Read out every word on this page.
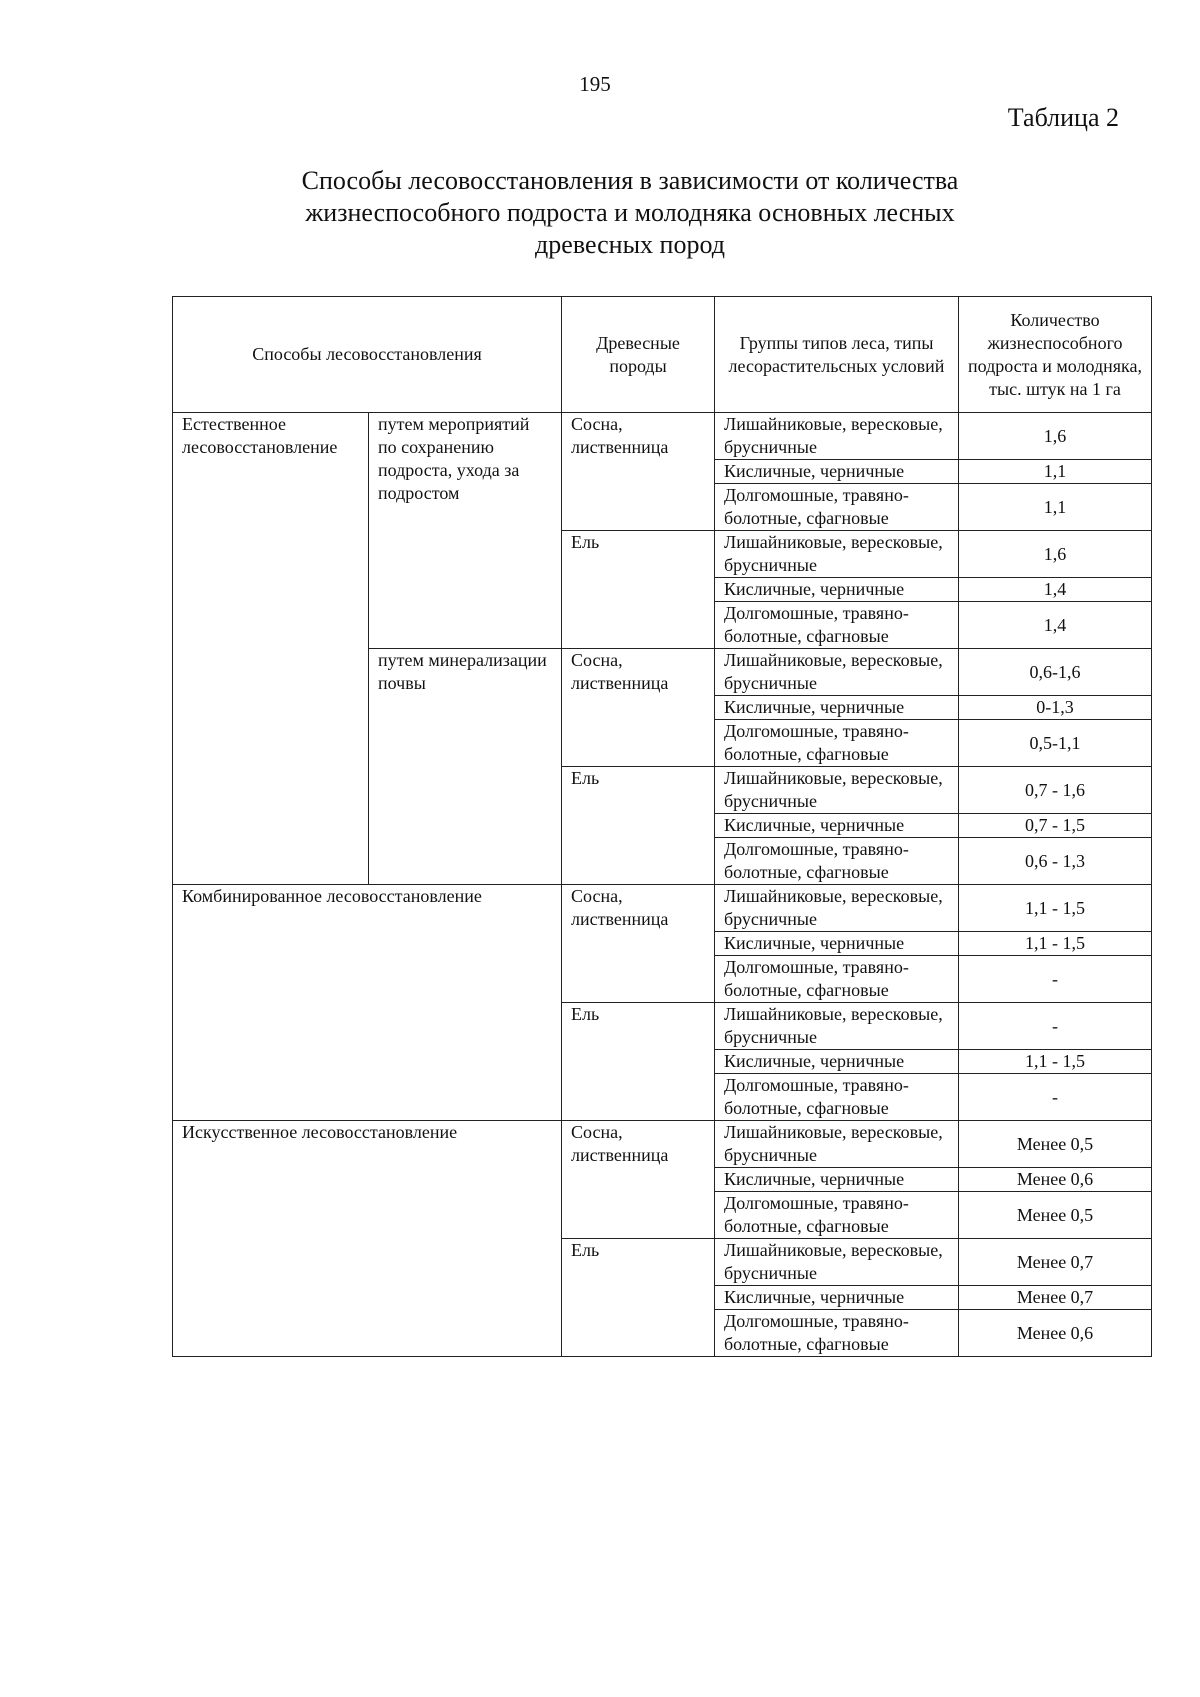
195
Таблица 2
Способы лесовосстановления в зависимости от количества
жизнеспособного подроста и молодняка основных лесных
древесных пород
Способы лесовосстановления		Древесные породы	Группы типов леса, типы лесорастительсных условий	Количество жизнеспособного подроста и молодняка, тыс. штук на 1 га
Естественное лесовосстановление	путем мероприятий по сохранению подроста, ухода за подростом	Сосна, лиственница	Лишайниковые, вересковые, брусничные	1,6
			Кисличные, черничные	1,1
			Долгомошные, травяно-болотные, сфагновые	1,1
		Ель	Лишайниковые, вересковые, брусничные	1,6
			Кисличные, черничные	1,4
			Долгомошные, травяно-болотные, сфагновые	1,4
	путем минерализации почвы	Сосна, лиственница	Лишайниковые, вересковые, брусничные	0,6-1,6
			Кисличные, черничные	0-1,3
			Долгомошные, травяно-болотные, сфагновые	0,5-1,1
		Ель	Лишайниковые, вересковые, брусничные	0,7 - 1,6
			Кисличные, черничные	0,7 - 1,5
			Долгомошные, травяно-болотные, сфагновые	0,6 - 1,3
Комбинированное лесовосстановление		Сосна, лиственница	Лишайниковые, вересковые, брусничные	1,1 - 1,5
			Кисличные, черничные	1,1 - 1,5
			Долгомошные, травяно-болотные, сфагновые	-
		Ель	Лишайниковые, вересковые, брусничные	-
			Кисличные, черничные	1,1 - 1,5
			Долгомошные, травяно-болотные, сфагновые	-
Искусственное лесовосстановление		Сосна, лиственница	Лишайниковые, вересковые, брусничные	Менее 0,5
			Кисличные, черничные	Менее 0,6
			Долгомошные, травяно-болотные, сфагновые	Менее 0,5
		Ель	Лишайниковые, вересковые, брусничные	Менее 0,7
			Кисличные, черничные	Менее 0,7
			Долгомошные, травяно-болотные, сфагновые	Менее 0,6
